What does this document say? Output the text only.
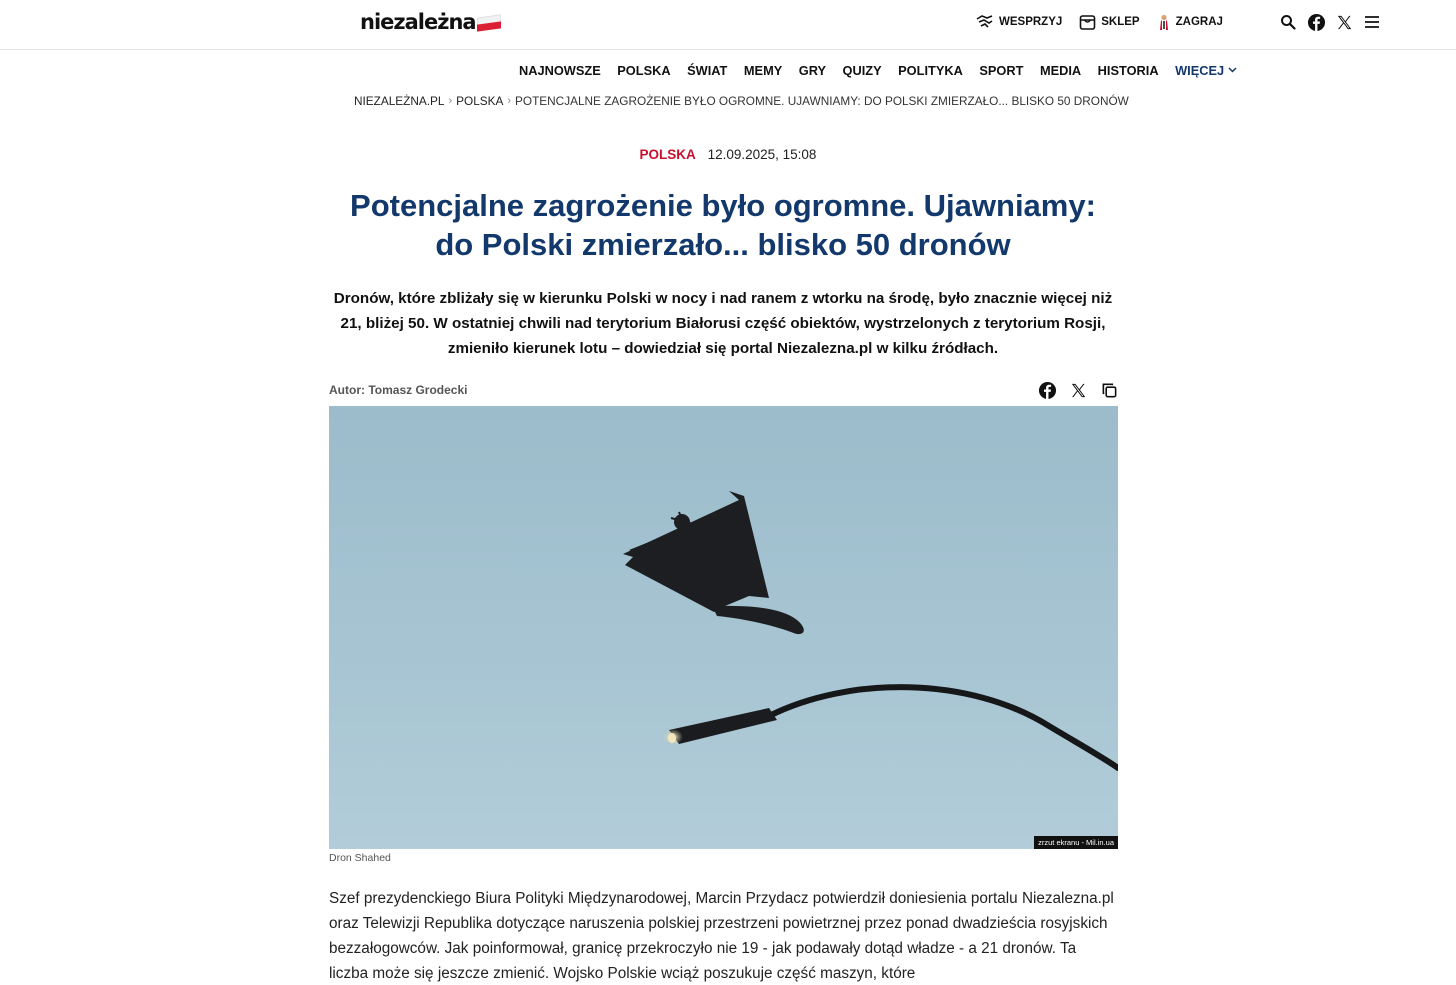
niezależna	WESPRZYJ	SKLEP	ZAGRAJ
NAJNOWSZE POLSKA ŚWIAT MEMY GRY QUIZY POLITYKA SPORT MEDIA HISTORIA WIĘCEJ
NIEZALEŻNA.PL › POLSKA › POTENCJALNE ZAGROŻENIE BYŁO OGROMNE. UJAWNIAMY: DO POLSKI ZMIERZAŁO... BLISKO 50 DRONÓW
POLSKA 12.09.2025, 15:08
Potencjalne zagrożenie było ogromne. Ujawniamy: do Polski zmierzało... blisko 50 dronów

Dronów, które zbliżały się w kierunku Polski w nocy i nad ranem z wtorku na środę, było znacznie więcej niż 21, bliżej 50. W ostatniej chwili nad terytorium Białorusi część obiektów, wystrzelonych z terytorium Rosji, zmieniło kierunek lotu – dowiedział się portal Niezalezna.pl w kilku źródłach.

Autor: Tomasz Grodecki
zrzut ekranu - Mil.in.ua
Dron Shahed

Szef prezydenckiego Biura Polityki Międzynarodowej, Marcin Przydacz potwierdził doniesienia portalu Niezalezna.pl oraz Telewizji Republika dotyczące naruszenia polskiej przestrzeni powietrznej przez ponad dwadzieścia rosyjskich bezzałogowców. Jak poinformował, granicę przekroczyło nie 19 - jak podawały dotąd władze - a 21 dronów. Ta liczba może się jeszcze zmienić. Wojsko Polskie wciąż poszukuje część maszyn, które
